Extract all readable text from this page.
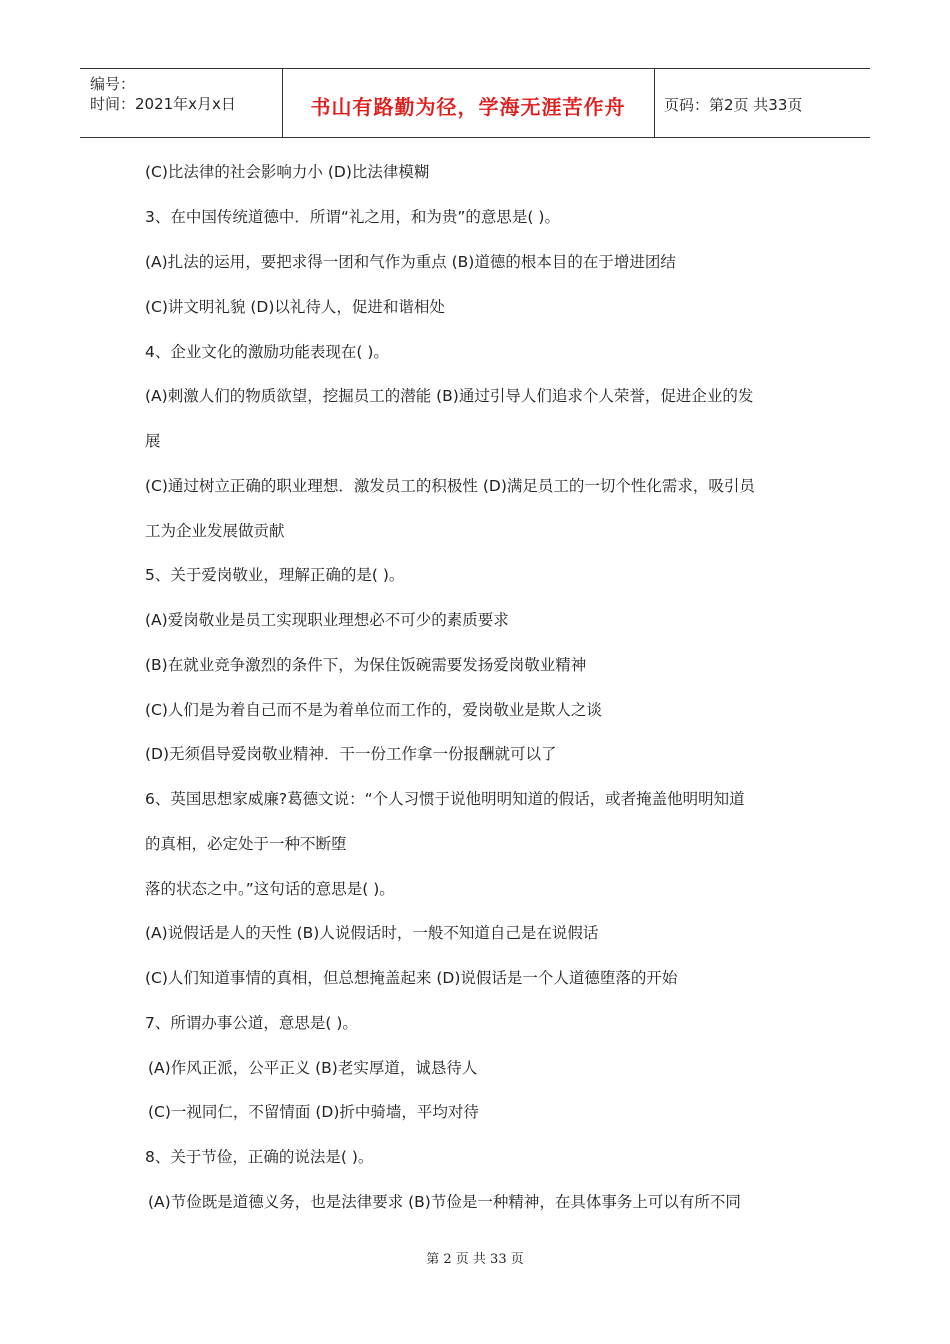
编号：
时间：2021年x月x日	书山有路勤为径，学海无涯苦作舟	页码：第2页 共33页
(C)比法律的社会影响力小 (D)比法律模糊
3、在中国传统道德中．所谓“礼之用，和为贵”的意思是( )。
(A)扎法的运用，要把求得一团和气作为重点 (B)道德的根本目的在于增进团结
(C)讲文明礼貌 (D)以礼待人，促进和谐相处
4、企业文化的激励功能表现在( )。
(A)刺激人们的物质欲望，挖掘员工的潜能 (B)通过引导人们追求个人荣誉，促进企业的发
展
(C)通过树立正确的职业理想．激发员工的积极性 (D)满足员工的一切个性化需求，吸引员
工为企业发展做贡献
5、关于爱岗敬业，理解正确的是( )。
(A)爱岗敬业是员工实现职业理想必不可少的素质要求
(B)在就业竞争激烈的条件下，为保住饭碗需要发扬爱岗敬业精神
(C)人们是为着自己而不是为着单位而工作的，爱岗敬业是欺人之谈
(D)无须倡导爱岗敬业精神．干一份工作拿一份报酬就可以了
6、英国思想家威廉?葛德文说：“个人习惯于说他明明知道的假话，或者掩盖他明明知道
的真相，必定处于一种不断堕
落的状态之中。”这句话的意思是( )。
(A)说假话是人的天性 (B)人说假话时，一般不知道自己是在说假话
(C)人们知道事情的真相，但总想掩盖起来 (D)说假话是一个人道德堕落的开始
7、所谓办事公道，意思是( )。
(A)作风正派，公平正义 (B)老实厚道，诚恳待人
(C)一视同仁，不留情面 (D)折中骑墙，平均对待
8、关于节俭，正确的说法是( )。
(A)节俭既是道德义务，也是法律要求 (B)节俭是一种精神，在具体事务上可以有所不同
第 2 页 共 33 页
